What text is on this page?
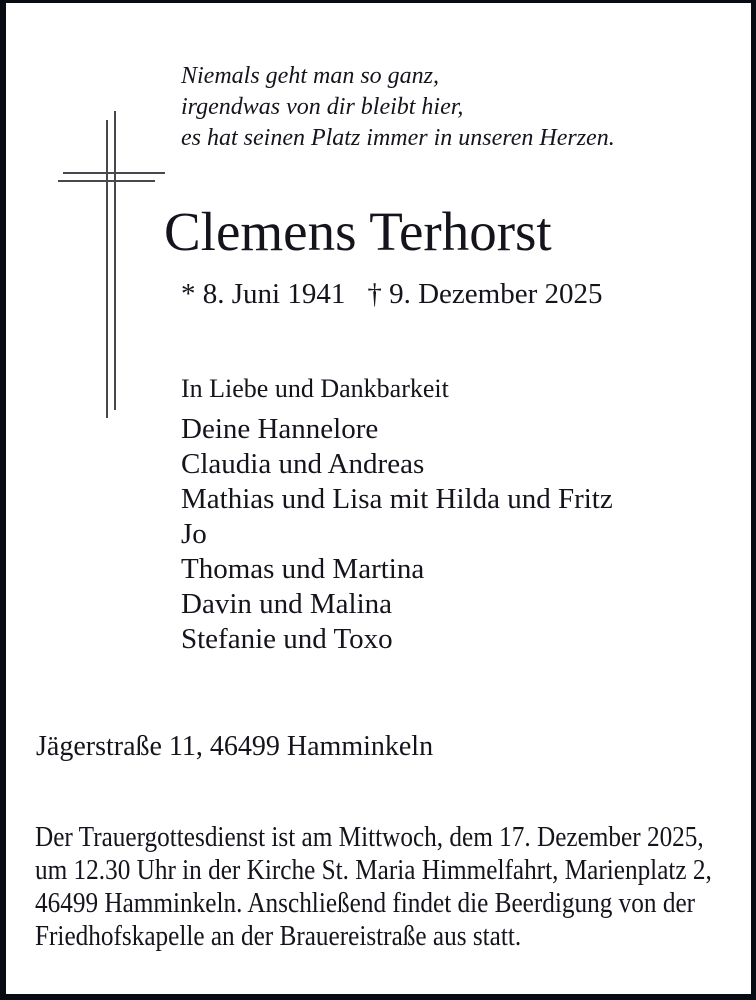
Niemals geht man so ganz,
irgendwas von dir bleibt hier,
es hat seinen Platz immer in unseren Herzen.
Clemens Terhorst
* 8. Juni 1941 † 9. Dezember 2025
In Liebe und Dankbarkeit
Deine Hannelore
Claudia und Andreas
Mathias und Lisa mit Hilda und Fritz
Jo
Thomas und Martina
Davin und Malina
Stefanie und Toxo
Jägerstraße 11, 46499 Hamminkeln
Der Trauergottesdienst ist am Mittwoch, dem 17. Dezember 2025,
um 12.30 Uhr in der Kirche St. Maria Himmelfahrt, Marienplatz 2,
46499 Hamminkeln. Anschließend findet die Beerdigung von der
Friedhofskapelle an der Brauereistraße aus statt.
